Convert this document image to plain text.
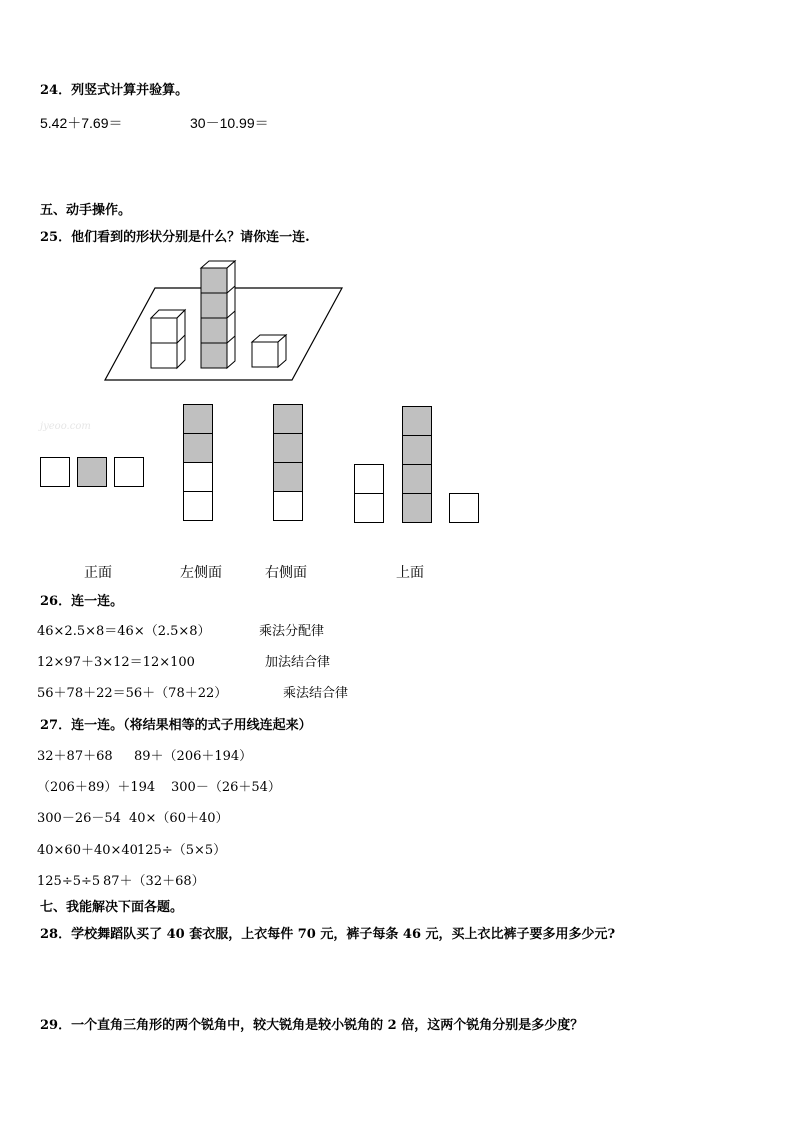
24．列竖式计算并验算。
5.42＋7.69＝	30－10.99＝
五、动手操作。
25．他们看到的形状分别是什么？请你连一连.
jyeoo.com
正面	左侧面	右侧面	上面
26．连一连。
46×2.5×8＝46×（2.5×8）	乘法分配律
12×97＋3×12＝12×100	加法结合律
56＋78＋22＝56＋（78＋22）	乘法结合律
27．连一连。（将结果相等的式子用线连起来）
32＋87＋68 89＋（206＋194）
（206＋89）＋194 300－（26＋54）
300－26－54 40×（60＋40）
40×60＋40×40 125÷（5×5）
125÷5÷5 87＋（32＋68）
七、我能解决下面各题。
28．学校舞蹈队买了 40 套衣服，上衣每件 70 元，裤子每条 46 元，买上衣比裤子要多用多少元?
29．一个直角三角形的两个锐角中，较大锐角是较小锐角的 2 倍，这两个锐角分别是多少度？
